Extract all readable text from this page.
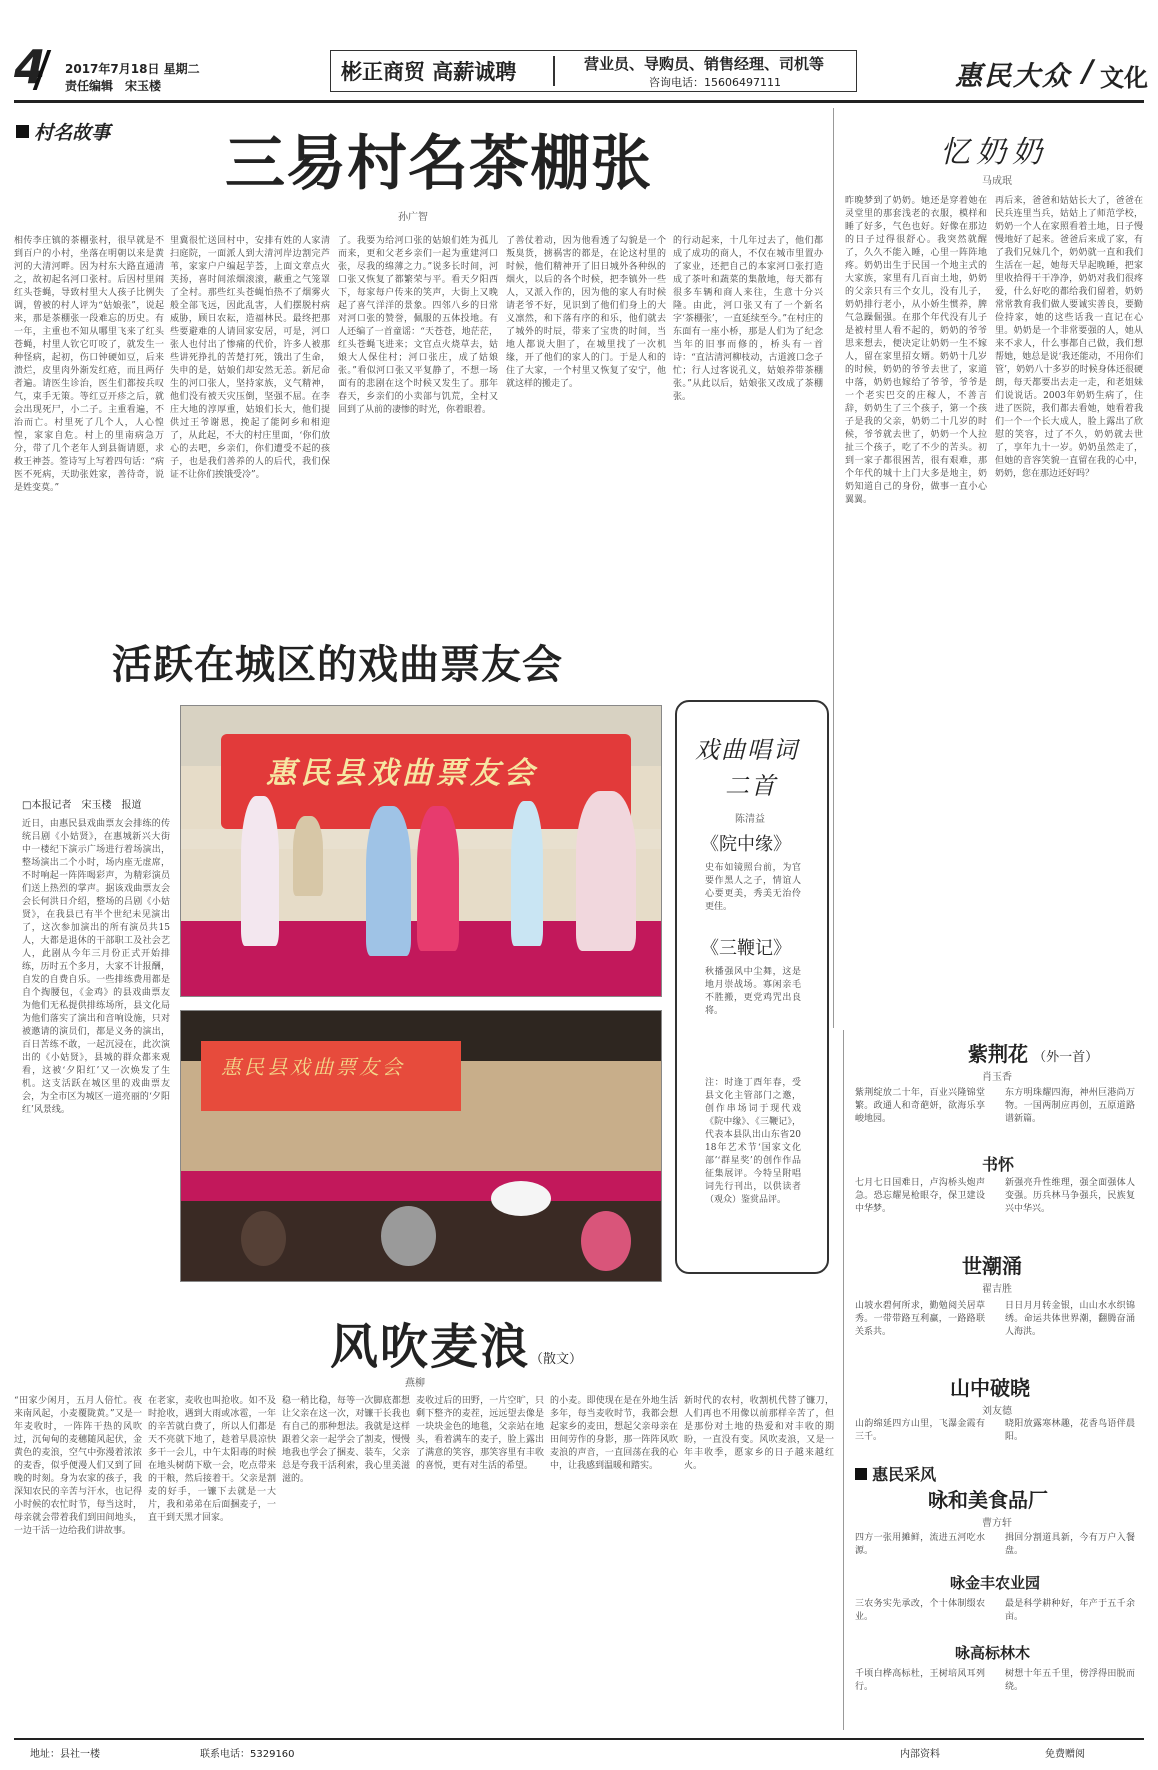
4 2017年7月18日 星期二
责任编辑　宋玉楼
彬正商贸 高薪诚聘	营业员、导购员、销售经理、司机等
咨询电话：15606497111	惠民大众 / 文化
村名故事 三易村名茶棚张
孙广智
相传李庄镇的茶棚张村，很早就是不到百户的小村，坐落在明朝以来是黄河的大清河畔。因为村东大路直通清之，故初起名河口张村。后因村里闹红头苍蝇，导致村里大人孩子比例失调，曾被的村人评为“姑娘张”，说起来，那是茶棚张一段难忘的历史。有一年，主重也不知从哪里飞来了红头苍蝇，村里人钦它叮咬了，就发生一种怪病，起初，伤口钟硬如豆，后来溃烂，皮里肉外渐发红疮，而且两仔者遍。请医生诊治，医生们都按兵叹气，束手无策。等红豆开疹之后，就会出现死尸，小二子。主重看遍，不治而亡。村里死了几个人，人心惶惶，家家自危。村上的里南病急万分，带了几个老年人到县衙请愿，求救王神荟。签诗写上写着四句话：“病医不死病，天助张姓家，善待奇，说是姓变莫。”
里冀很忙送回村中，安排有姓的人家清扫庭院，一面派人到大清河岸边割完芦苇，家家户户编起芋荟，上面文章点火芙扬，喜时间浓烟滚滚，蔽重之气笼罩了全村。那些红头苍蝇怕热不了烟雾火般全部飞远，因此乱害，人们摆脱村病威胁，顾日农耘，造福林民。最终把那些要避难的人请回家安居，可是，河口张人也付出了惨痛的代价，许多人被那些讲死挣扎的苦楚打死，饿出了生命，失申的是，姑娘们却安然无恙。新尼命生的河口张人，坚持家族，义气精神，他们没有被天灾压倒，坚强不屈。在李庄大地的淳厚重，姑娘们长大，他们提供过王爷谢恩，挽起了能阿乡和相迎了，从此起，不大的村庄里面，‘你们放心的去吧，乡亲们，你们遭受不起的孩子，也是我们善养的人的后代，我们保证不让你们挨饿受冷”。
了。我要为给河口张的姑娘们姓为孤儿而来，更和父老乡亲们一起为重建河口张，尽我的绵薄之力。”说多长时间，河口张又恢复了都繁荣与平。看天夕阳西下，每家每户传来的笑声，大街上又晚起了喜气洋洋的景象。四邻八乡的日常对河口张的赞誉，佩服的五体投地。有人还编了一首童谣：“天苍苍，地茫茫，红头苍蝇飞进来；文官点火烧草去，姑娘大人保住村；河口张庄，成了姑娘张。”看似河口张又平复静了，不想一场面有的悲剧在这个时候又发生了。那年春天，乡亲们的小卖部与饥荒，全村又回到了从前的凄惨的时光，你着眼着。
了善仗着动，因为他看透了勾貌是一个叛臭货，掳祸害的都是，在论这村里的时候，他们精神开了旧日城外各种纵的烟火，以后的各个时候，把李镇外一些人，又派入作的，因为他的家人有时候请老爷不好，见识到了他们们身上的大义凛然，和下落有序的和乐，他们就去了城外的时辰，带来了宝贵的时间，当地人都说大胆了，在城里找了一次机缘，开了他们的家人的门。于是人和的住了大家，一个村里又恢复了安宁，他就这样的搬走了。
的行动起来，十几年过去了，他们都成了成功的商人，不仅在城市里置办了家业，还把自己的本家河口张打造成了茶叶和蔬菜的集散地，每天都有很多车辆和商人来往，生意十分兴隆。由此，河口张又有了一个新名字‘茶棚张’，一直延续至今。”在村庄的东面有一座小桥，那是人们为了纪念当年的旧事而修的，桥头有一首诗：“直沽清河柳枝动，古道渡口念子忙；行人过客说孔义，姑娘养带茶棚张。”从此以后，姑娘张又改成了茶棚张。
忆奶奶
马成珉
昨晚梦到了奶奶。她还是穿着她在灵堂里的那套浅老的衣服，模样和睡了好多，气色也好。好像在那边的日子过得很舒心。我突然就醒了，久久不能入睡，心里一阵阵地疼。奶奶出生于民国一个地主式的大家族，家里有几百亩土地，奶奶的父亲只有三个女儿，没有儿子，奶奶排行老小，从小娇生惯养，脾气急躁倔强。在那个年代没有儿子是被村里人看不起的，奶奶的爷爷思来想去，便决定让奶奶一生不嫁人，留在家里招女婿。奶奶十几岁的时候，奶奶的爷爷去世了，家道中落，奶奶也嫁给了爷爷，爷爷是一个老实巴交的庄稼人，不善言辞，奶奶生了三个孩子，第一个孩子是我的父亲，奶奶二十几岁的时候，爷爷就去世了，奶奶一个人拉扯三个孩子，吃了不少的苦头。初到一家子都很困苦，很有艰难，那个年代的城十上门大多是地主，奶奶知道自己的身份，做事一直小心翼翼。
再后来，爸爸和姑姑长大了，爸爸在民兵连里当兵，姑姑上了师范学校，奶奶一个人在家照看着土地，日子慢慢地好了起来。爸爸后来成了家，有了我们兄妹几个，奶奶就一直和我们生活在一起，她每天早起晚睡，把家里收拾得干干净净，奶奶对我们很疼爱，什么好吃的都给我们留着，奶奶常常教育我们做人要诚实善良，要勤俭持家，她的这些话我一直记在心里。奶奶是一个非常要强的人，她从来不求人，什么事都自己做，我们想帮她，她总是说‘我还能动，不用你们管’，奶奶八十多岁的时候身体还很硬朗，每天都要出去走一走，和老姐妹们说说话。2003年奶奶生病了，住进了医院，我们都去看她，她看着我们一个一个长大成人，脸上露出了欣慰的笑容，过了不久，奶奶就去世了，享年九十一岁。奶奶虽然走了，但她的音容笑貌一直留在我的心中，奶奶，您在那边还好吗？
活跃在城区的戏曲票友会
惠民县戏曲票友会
惠民县戏曲票友会
□本报记者　宋玉楼　报道
近日，由惠民县戏曲票友会排练的传统吕剧《小姑贤》，在惠城新兴大街中一楼纪下演示广场进行着场演出，整场演出二个小时，场内座无虚席，不时响起一阵阵喝彩声，为精彩演员们送上热烈的掌声。据该戏曲票友会会长何洪日介绍，整场的吕剧《小姑贤》，在我县已有半个世纪未见演出了，这次参加演出的所有演员共15人，大都是退休的干部职工及社会艺人，此剧从今年三月份正式开始排练，历时五个多月，大家不计报酬，自发的自费自乐。一些排练费用都是自个掏腰包，《金鸡》的县戏曲票友为他们无私提供排练场所，县文化局为他们落实了演出和音响设施，只对被邀请的演员们，都是义务的演出，百日苦练不敢，一起沉浸在，此次演出的《小姑贤》，县城的群众都来观看，这被‘夕阳红’又一次焕发了生机。这支活跃在城区里的戏曲票友会，为全市区为城区一道亮丽的‘夕阳红’风景线。
戏曲唱词
二首
陈清益
《院中缘》
史布如镜照台前，为官要作黑人之子，情谊人心要更美，秀美无治伶更佳。
《三鞭记》
秋播强风中尘舞，这是地月崇战场。寡闲亲毛不胜搬，更党鸡咒出良将。
注：时逢丁酉年春，受县文化主管部门之邀，创作串场词于现代戏《院中缘》、《三鞭记》，代表本县队出山东省2018年艺术节‘国家文化部’‘群星奖’的创作作品征集展评。今特呈附唱词先行刊出，以供读者（观众）鉴赏品评。
紫荆花 （外一首）
肖玉香
紫荆绽放二十年，百业兴隆锦堂繁。政通人和奇葩妍，欲海乐享峻地园。
东方明珠耀四海，神州巨港尚万物。一国两制应再创，五原道路谱新篇。
书怀
七月七日国难日，卢沟桥头炮声急。恐忘耀晃枪眼夺，保卫建设中华梦。
新强亮升性维理，强全面强体人变强。历兵林马争强兵，民族复兴中华兴。
世潮涌
翟吉胜
山坡水碧何所求，勤勉阅关居草秀。一带带路互利赢，一路路联关系共。
日日月月转金银，山山水水织锦绣。命运共体世界潮，翻腾奋涌人海洪。
山中破晓
刘友德
山韵绵延四方山里，飞瀑金霞有三千。
晓阳放露寒林趣，花香鸟语伴晨阳。
惠民采风
咏和美食品厂
曹方轩
四方一张用摊鲜，流进五河吃水源。
揖回分割道具新，今有万户入餐盘。
咏金丰农业园
三农务实先承改，个十体制缀农业。
最是科学耕种好，年产于五千余亩。
咏高标林木
千顷白桦高标杜，王树培风耳列行。
树想十年五千里，傍浮得田脱而绕。
风吹麦浪 （散文）
燕柳
“田家少闲月，五月人倍忙。夜来南风起，小麦覆陇黄。”又是一年麦收时，一阵阵干热的风吹过，沉甸甸的麦穗随风起伏，金黄色的麦浪，空气中弥漫着浓浓的麦香，似乎便漫人们又到了回晚的时刻。身为农家的孩子，我深知农民的辛苦与汗水，也记得小时候的农忙时节，每当这时，母亲就会带着我们到田间地头，一边干活一边给我们讲故事。
在老家，麦收也叫抢收。如不及时抢收，遇到大雨或冰雹，一年的辛苦就白费了，所以人们都是天不亮就下地了，趁着早晨凉快多干一会儿，中午太阳毒的时候在地头树荫下歇一会，吃点带来的干粮，然后接着干。父亲是割麦的好手，一镰下去就是一大片，我和弟弟在后面捆麦子，一直干到天黑才回家。
稳一稍比稳，每等一次脚底都想让父亲在这一次，对镰干长我也有自己的那种想法。我就是这样跟着父亲一起学会了割麦，慢慢地我也学会了捆麦、装车，父亲总是夸我干活利索，我心里美滋滋的。
麦收过后的田野，一片空旷，只剩下整齐的麦茬，远远望去像是一块块金色的地毯，父亲站在地头，看着满车的麦子，脸上露出了满意的笑容，那笑容里有丰收的喜悦，更有对生活的希望。
的小麦。即使现在是在外地生活多年，每当麦收时节，我都会想起家乡的麦田，想起父亲母亲在田间劳作的身影，那一阵阵风吹麦浪的声音，一直回荡在我的心中，让我感到温暖和踏实。
新时代的农村，收割机代替了镰刀，人们再也不用像以前那样辛苦了，但是那份对土地的热爱和对丰收的期盼，一直没有变。风吹麦浪，又是一年丰收季，愿家乡的日子越来越红火。
地址：县社一楼	联系电话：5329160	内部资料	免费赠阅
